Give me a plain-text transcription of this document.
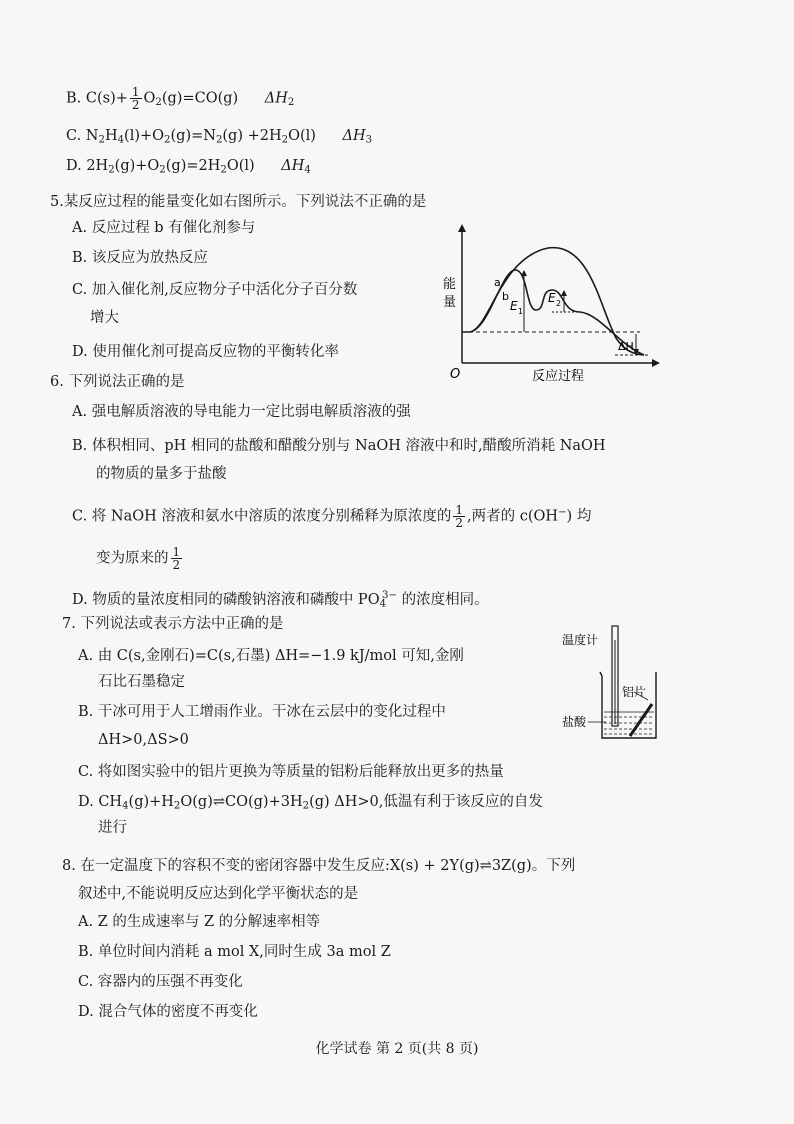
B. $C(s)+ \frac{1}{2} O_2(g)=CO(g)$ $\Delta H_2$
C. $N_2H_4(l)+O_2(g)=N_2(g) +2H_2O(l)$ $\Delta H_3$
D. $2H_2(g)+O_2(g)=2H_2O(l)$ $\Delta H_4$
5.某反应过程的能量变化如右图所示。下列说法不正确的是
A. 反应过程 b 有催化剂参与
B. 该反应为放热反应
C. 加入催化剂,反应物分子中活化分子百分数
增大
D. 使用催化剂可提高反应物的平衡转化率
能
量
O	反应过程
a
b
E 1
E 2
ΔH
6. 下列说法正确的是
A. 强电解质溶液的导电能力一定比弱电解质溶液的强
B. 体积相同、pH 相同的盐酸和醋酸分别与 NaOH 溶液中和时,醋酸所消耗 NaOH
的物质的量多于盐酸
C. 将 NaOH 溶液和氨水中溶质的浓度分别稀释为原浓度的 $\frac{1}{2}$ ,两者的 c(OH−) 均
变为原来的 $\frac{1}{2}$
D. 物质的量浓度相同的磷酸钠溶液和磷酸中 $PO_4^{3-}$ 的浓度相同。
7. 下列说法或表示方法中正确的是
A. 由 C(s,金刚石)=C(s,石墨) ΔH=−1.9 kJ/mol 可知,金刚
石比石墨稳定
B. 干冰可用于人工增雨作业。干冰在云层中的变化过程中
ΔH>0,ΔS>0
C. 将如图实验中的铝片更换为等质量的铝粉后能释放出更多的热量
D. $CH_4(g)+H_2O(g)\rightleftharpoons CO(g)+3H_2(g)$ ΔH>0,低温有利于该反应的自发
进行
温度计
铝片
盐酸
8. 在一定温度下的容积不变的密闭容器中发生反应:X(s) + 2Y(g)⇌3Z(g)。下列
叙述中,不能说明反应达到化学平衡状态的是
A. Z 的生成速率与 Z 的分解速率相等
B. 单位时间内消耗 a mol X,同时生成 3a mol Z
C. 容器内的压强不再变化
D. 混合气体的密度不再变化
化学试卷 第 2 页(共 8 页)
